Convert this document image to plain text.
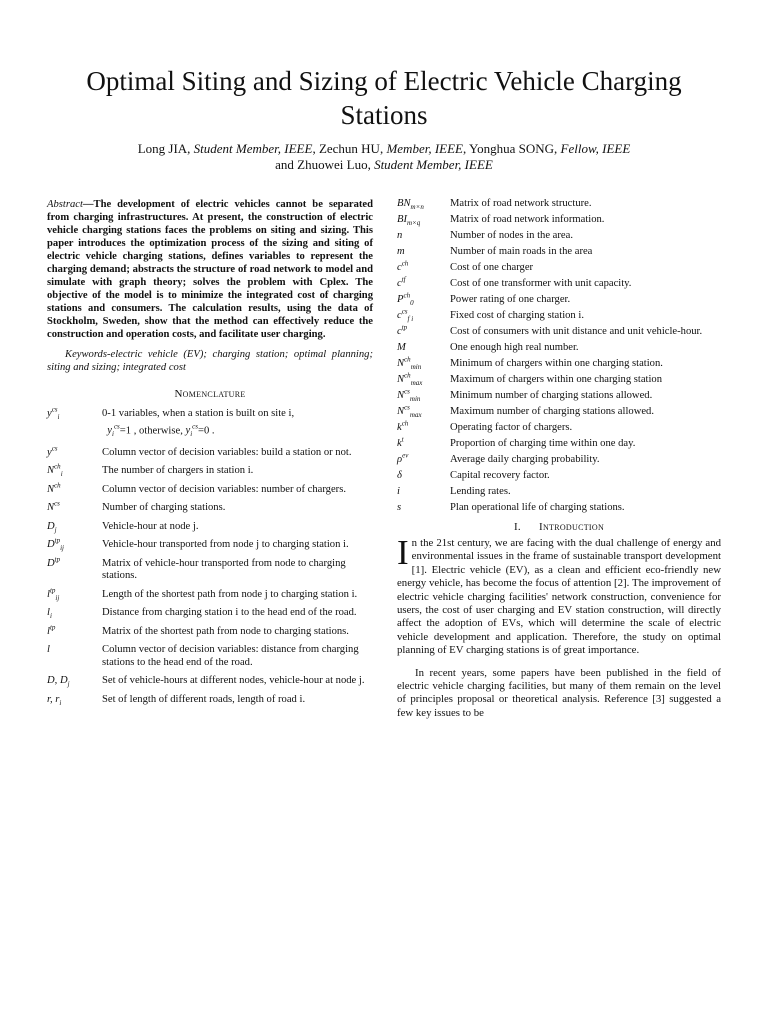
Optimal Siting and Sizing of Electric Vehicle Charging Stations
Long JIA, Student Member, IEEE, Zechun HU, Member, IEEE, Yonghua SONG, Fellow, IEEE
and Zhuowei Luo, Student Member, IEEE

Abstract—The development of electric vehicles cannot be separated from charging infrastructures. At present, the construction of electric vehicle charging stations faces the problems on siting and sizing. This paper introduces the optimization process of the sizing and siting of electric vehicle charging stations, defines variables to represent the charging demand; abstracts the structure of road network to model and simulate with graph theory; solves the problem with Cplex. The objective of the model is to minimize the integrated cost of charging stations and consumers. The calculation results, using the data of Stockholm, Sweden, show that the method can effectively reduce the construction and operation costs, and facilitate user charging.

Keywords-electric vehicle (EV); charging station; optimal planning; siting and sizing; integrated cost

Nomenclature
$y^{cs}_i$	0-1 variables, when a station is built on site i,
$y_i^{cs}=1$ , otherwise, $y_i^{cs}=0$ .
$y^{cs}$	Column vector of decision variables: build a station or not.
$N^{ch}_i$	The number of chargers in station i.
$N^{ch}$	Column vector of decision variables: number of chargers.
$N^{cs}$	Number of charging stations.
$D_j$	Vehicle-hour at node j.
$D^{tp}_{ij}$	Vehicle-hour transported from node j to charging station i.
$D^{tp}$	Matrix of vehicle-hour transported from node to charging stations.
$l^{tp}_{ij}$	Length of the shortest path from node j to charging station i.
$l_i$	Distance from charging station i to the head end of the road.
$l^{tp}$	Matrix of the shortest path from node to charging stations.
l	Column vector of decision variables: distance from charging stations to the head end of the road.
D, $D_j$	Set of vehicle-hours at different nodes, vehicle-hour at node j.
r, $r_i$	Set of length of different roads, length of road i.
$BN_{m\times n}$	Matrix of road network structure.
$BI_{m\times q}$	Matrix of road network information.
n	Number of nodes in the area.
m	Number of main roads in the area
$c^{ch}$	Cost of one charger
$c^{tf}$	Cost of one transformer with unit capacity.
$P^{ch}_0$	Power rating of one charger.
$c^{cs}_{f i}$	Fixed cost of charging station i.
$c^{tp}$	Cost of consumers with unit distance and unit vehicle-hour.
M	One enough high real number.
$N^{ch}_{min}$	Minimum of chargers within one charging station.
$N^{ch}_{max}$	Maximum of chargers within one charging station
$N^{cs}_{min}$	Minimum number of charging stations allowed.
$N^{cs}_{max}$	Maximum number of charging stations allowed.
$k^{ch}$	Operating factor of chargers.
$k^t$	Proportion of charging time within one day.
$\rho^{ev}$	Average daily charging probability.
δ	Capital recovery factor.
i	Lending rates.
s	Plan operational life of charging stations.
I. Introduction

In the 21st century, we are facing with the dual challenge of energy and environmental issues in the frame of sustainable transport development [1]. Electric vehicle (EV), as a clean and efficient eco-friendly new energy vehicle, has become the focus of attention [2]. The improvement of electric vehicle charging facilities' network construction, convenience for users, the cost of user charging and EV station construction, will directly affect the adoption of EVs, which will determine the scale of electric vehicle development and application. Therefore, the study on optimal planning of EV charging stations is of great importance.

In recent years, some papers have been published in the field of electric vehicle charging facilities, but many of them remain on the level of principles proposal or theoretical analysis. Reference [3] suggested a few key issues to be
